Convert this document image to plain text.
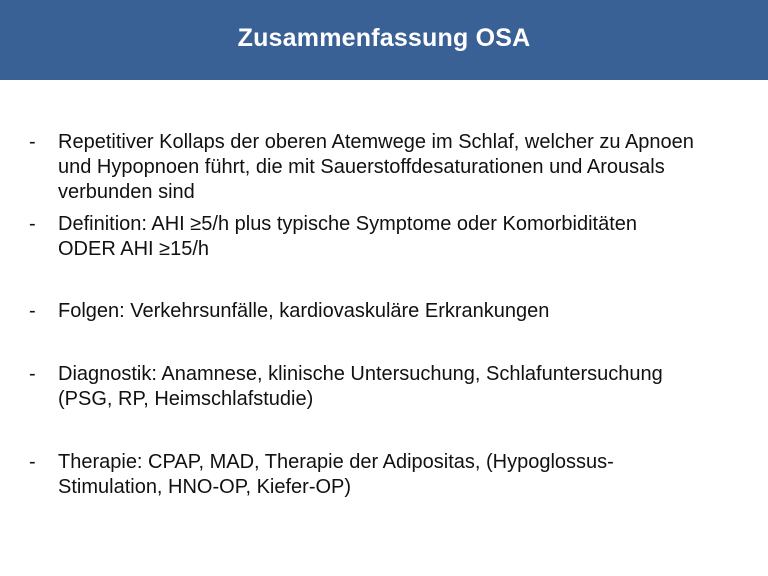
Zusammenfassung OSA
- Repetitiver Kollaps der oberen Atemwege im Schlaf, welcher zu Apnoen
und Hypopnoen führt, die mit Sauerstoffdesaturationen und Arousals
verbunden sind
- Definition: AHI ≥5/h plus typische Symptome oder Komorbiditäten
ODER AHI ≥15/h
- Folgen: Verkehrsunfälle, kardiovaskuläre Erkrankungen
- Diagnostik: Anamnese, klinische Untersuchung, Schlafuntersuchung
(PSG, RP, Heimschlafstudie)
- Therapie: CPAP, MAD, Therapie der Adipositas, (Hypoglossus-
Stimulation, HNO-OP, Kiefer-OP)
